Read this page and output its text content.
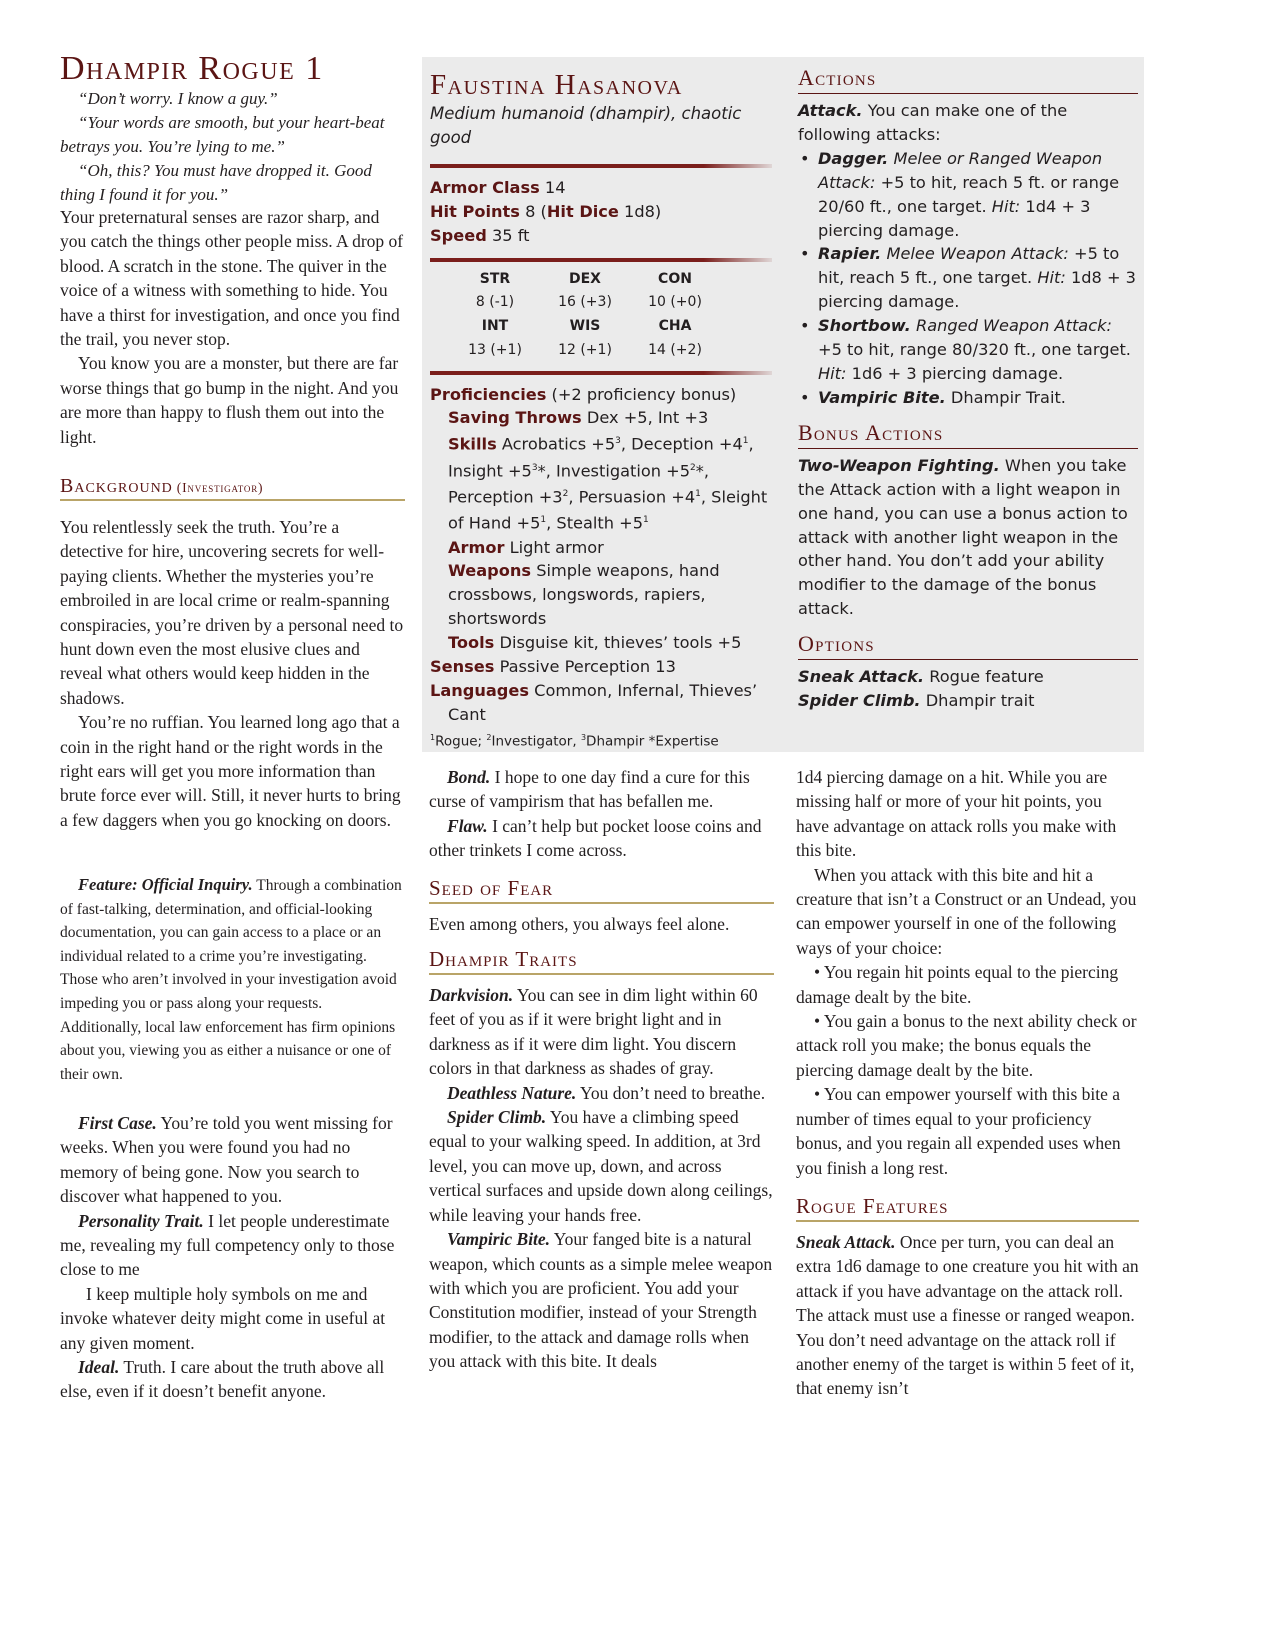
Dhampir Rogue 1

“Don’t worry. I know a guy.”

“Your words are smooth, but your heart-beat betrays you. You’re lying to me.”

“Oh, this? You must have dropped it. Good thing I found it for you.”

Your preternatural senses are razor sharp, and you catch the things other people miss. A drop of blood. A scratch in the stone. The quiver in the voice of a witness with something to hide. You have a thirst for investigation, and once you find the trail, you never stop.

You know you are a monster, but there are far worse things that go bump in the night. And you are more than happy to flush them out into the light.

Background (Investigator)

You relentlessly seek the truth. You’re a detective for hire, uncovering secrets for well-paying clients. Whether the mysteries you’re embroiled in are local crime or realm-spanning conspiracies, you’re driven by a personal need to hunt down even the most elusive clues and reveal what others would keep hidden in the shadows.

You’re no ruffian. You learned long ago that a coin in the right hand or the right words in the right ears will get you more information than brute force ever will. Still, it never hurts to bring a few daggers when you go knocking on doors.

Feature: Official Inquiry. Through a combination of fast-talking, determination, and official-looking documentation, you can gain access to a place or an individual related to a crime you’re investigating. Those who aren’t involved in your investigation avoid impeding you or pass along your requests. Additionally, local law enforcement has firm opinions about you, viewing you as either a nuisance or one of their own.

First Case. You’re told you went missing for weeks. When you were found you had no memory of being gone. Now you search to discover what happened to you.

Personality Trait. I let people underestimate me, revealing my full competency only to those close to me

I keep multiple holy symbols on me and invoke whatever deity might come in useful at any given moment.

Ideal. Truth. I care about the truth above all else, even if it doesn’t benefit anyone.

Faustina Hasanova
Medium humanoid (dhampir), chaotic good
Armor Class 14
Hit Points 8 (Hit Dice 1d8)
Speed 35 ft
STR	DEX	CON
8 (-1)	16 (+3)	10 (+0)
INT	WIS	CHA
13 (+1)	12 (+1)	14 (+2)
Proficiencies (+2 proficiency bonus)
Saving Throws Dex +5, Int +3
Skills Acrobatics $+5^3$, Deception $+4^1$, Insight $+5^3*$, Investigation $+5^2*$, Perception $+3^2$, Persuasion $+4^1$, Sleight of Hand $+5^1$, Stealth $+5^1$
Armor Light armor
Weapons Simple weapons, hand crossbows, longswords, rapiers, shortswords
Tools Disguise kit, thieves’ tools +5
Senses Passive Perception 13
Languages Common, Infernal, Thieves’ Cant
$^1$Rogue; $^2$Investigator, $^3$Dhampir *Expertise
Actions
Attack. You can make one of the following attacks:
• Dagger. Melee or Ranged Weapon Attack: +5 to hit, reach 5 ft. or range 20/60 ft., one target. Hit: 1d4 + 3 piercing damage.
• Rapier. Melee Weapon Attack: +5 to hit, reach 5 ft., one target. Hit: 1d8 + 3 piercing damage.
• Shortbow. Ranged Weapon Attack: +5 to hit, range 80/320 ft., one target. Hit: 1d6 + 3 piercing damage.
• Vampiric Bite. Dhampir Trait.
Bonus Actions
Two-Weapon Fighting. When you take the Attack action with a light weapon in one hand, you can use a bonus action to attack with another light weapon in the other hand. You don’t add your ability modifier to the damage of the bonus attack.
Options
Sneak Attack. Rogue feature
Spider Climb. Dhampir trait

Bond. I hope to one day find a cure for this curse of vampirism that has befallen me.

Flaw. I can’t help but pocket loose coins and other trinkets I come across.

Seed of Fear

Even among others, you always feel alone.

Dhampir Traits

Darkvision. You can see in dim light within 60 feet of you as if it were bright light and in darkness as if it were dim light. You discern colors in that darkness as shades of gray.

Deathless Nature. You don’t need to breathe.

Spider Climb. You have a climbing speed equal to your walking speed. In addition, at 3rd level, you can move up, down, and across vertical surfaces and upside down along ceilings, while leaving your hands free.

Vampiric Bite. Your fanged bite is a natural weapon, which counts as a simple melee weapon with which you are proficient. You add your Constitution modifier, instead of your Strength modifier, to the attack and damage rolls when you attack with this bite. It deals

1d4 piercing damage on a hit. While you are missing half or more of your hit points, you have advantage on attack rolls you make with this bite.

When you attack with this bite and hit a creature that isn’t a Construct or an Undead, you can empower yourself in one of the following ways of your choice:

• You regain hit points equal to the piercing damage dealt by the bite.

• You gain a bonus to the next ability check or attack roll you make; the bonus equals the piercing damage dealt by the bite.

• You can empower yourself with this bite a number of times equal to your proficiency bonus, and you regain all expended uses when you finish a long rest.

Rogue Features

Sneak Attack. Once per turn, you can deal an extra 1d6 damage to one creature you hit with an attack if you have advantage on the attack roll. The attack must use a finesse or ranged weapon. You don’t need advantage on the attack roll if another enemy of the target is within 5 feet of it, that enemy isn’t
